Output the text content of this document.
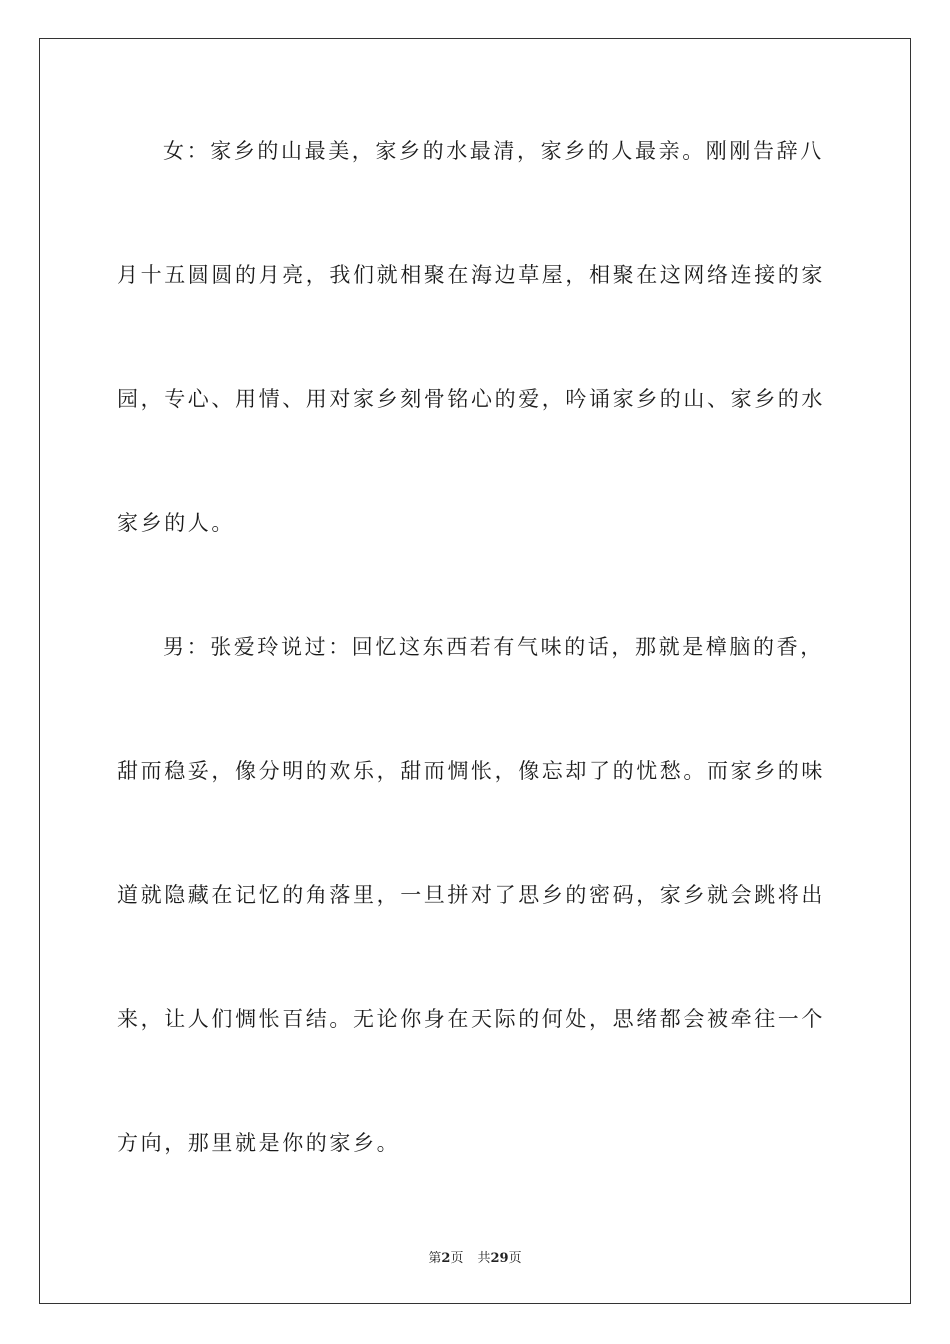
女：家乡的山最美，家乡的水最清，家乡的人最亲。刚刚告辞八
月十五圆圆的月亮，我们就相聚在海边草屋，相聚在这网络连接的家
园，专心、用情、用对家乡刻骨铭心的爱，吟诵家乡的山、家乡的水
家乡的人。
男：张爱玲说过：回忆这东西若有气味的话，那就是樟脑的香，
甜而稳妥，像分明的欢乐，甜而惆怅，像忘却了的忧愁。而家乡的味
道就隐藏在记忆的角落里，一旦拼对了思乡的密码，家乡就会跳将出
来，让人们惆怅百结。无论你身在天际的何处，思绪都会被牵往一个
方向，那里就是你的家乡。
第2页 共29页
